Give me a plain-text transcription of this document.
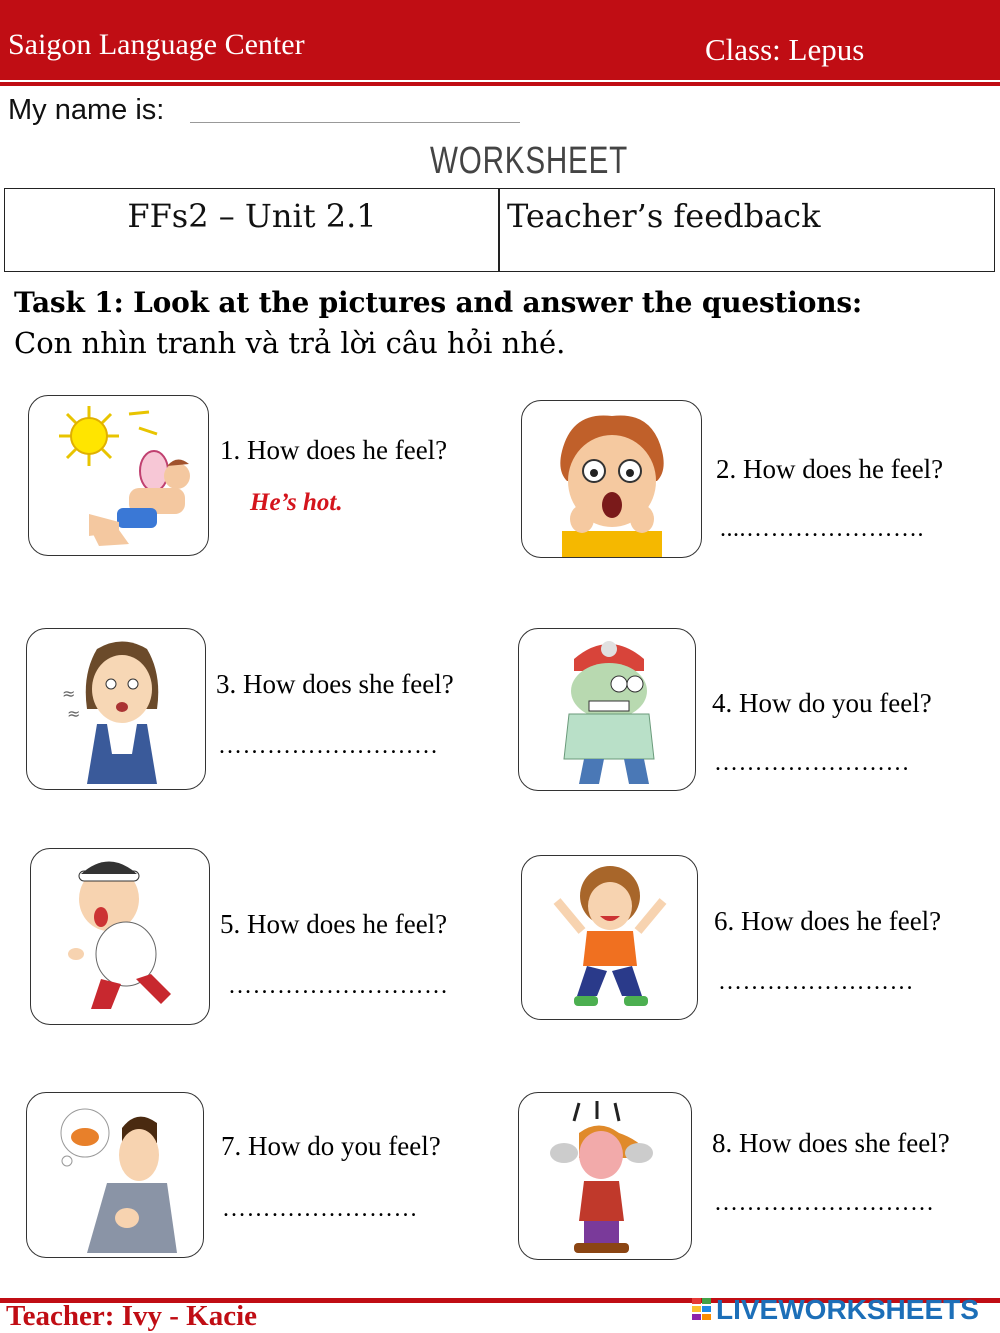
Saigon Language Center	Class: Lepus
My name is:
WORKSHEET
FFs2 – Unit 2.1	Teacher’s feedback
Task 1: Look at the pictures and answer the questions:
Con nhìn tranh và trả lời câu hỏi nhé.
1. How does he feel?
He’s hot.
2. How does he feel?
....………………….
≈
≈
3. How does she feel?
………………………
4. How do you feel?
……………………
5. How does he feel?
………………………
6. How does he feel?
……………………
7. How do you feel?
……………………
8. How does she feel?
………………………
Teacher: Ivy - Kacie	LIVEWORKSHEETS
